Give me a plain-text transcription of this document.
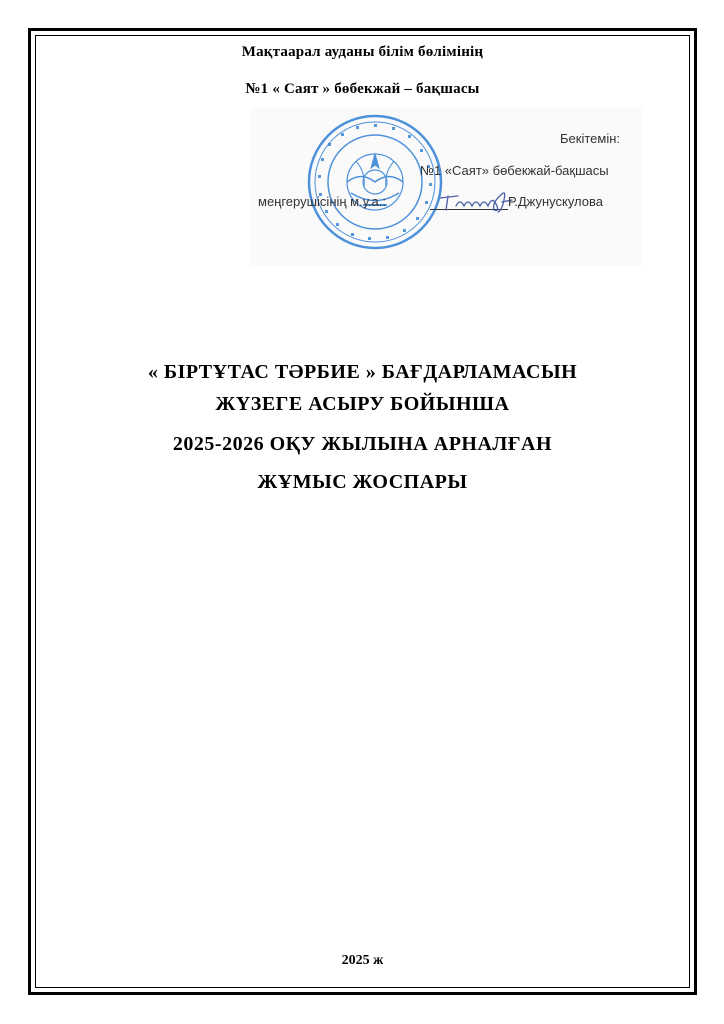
Мақтаарал ауданы білім бөлімінің
№1 « Саят » бөбекжай – бақшасы
Бекітемін:
№1 «Саят» бөбекжай-бақшасы
меңгерушісінің м.у.а.:	Р.Джунускулова
« БІРТҰТАС ТӘРБИЕ » БАҒДАРЛАМАСЫН
ЖҮЗЕГЕ АСЫРУ БОЙЫНША
2025-2026 ОҚУ ЖЫЛЫНА АРНАЛҒАН
ЖҰМЫС ЖОСПАРЫ
2025 ж
